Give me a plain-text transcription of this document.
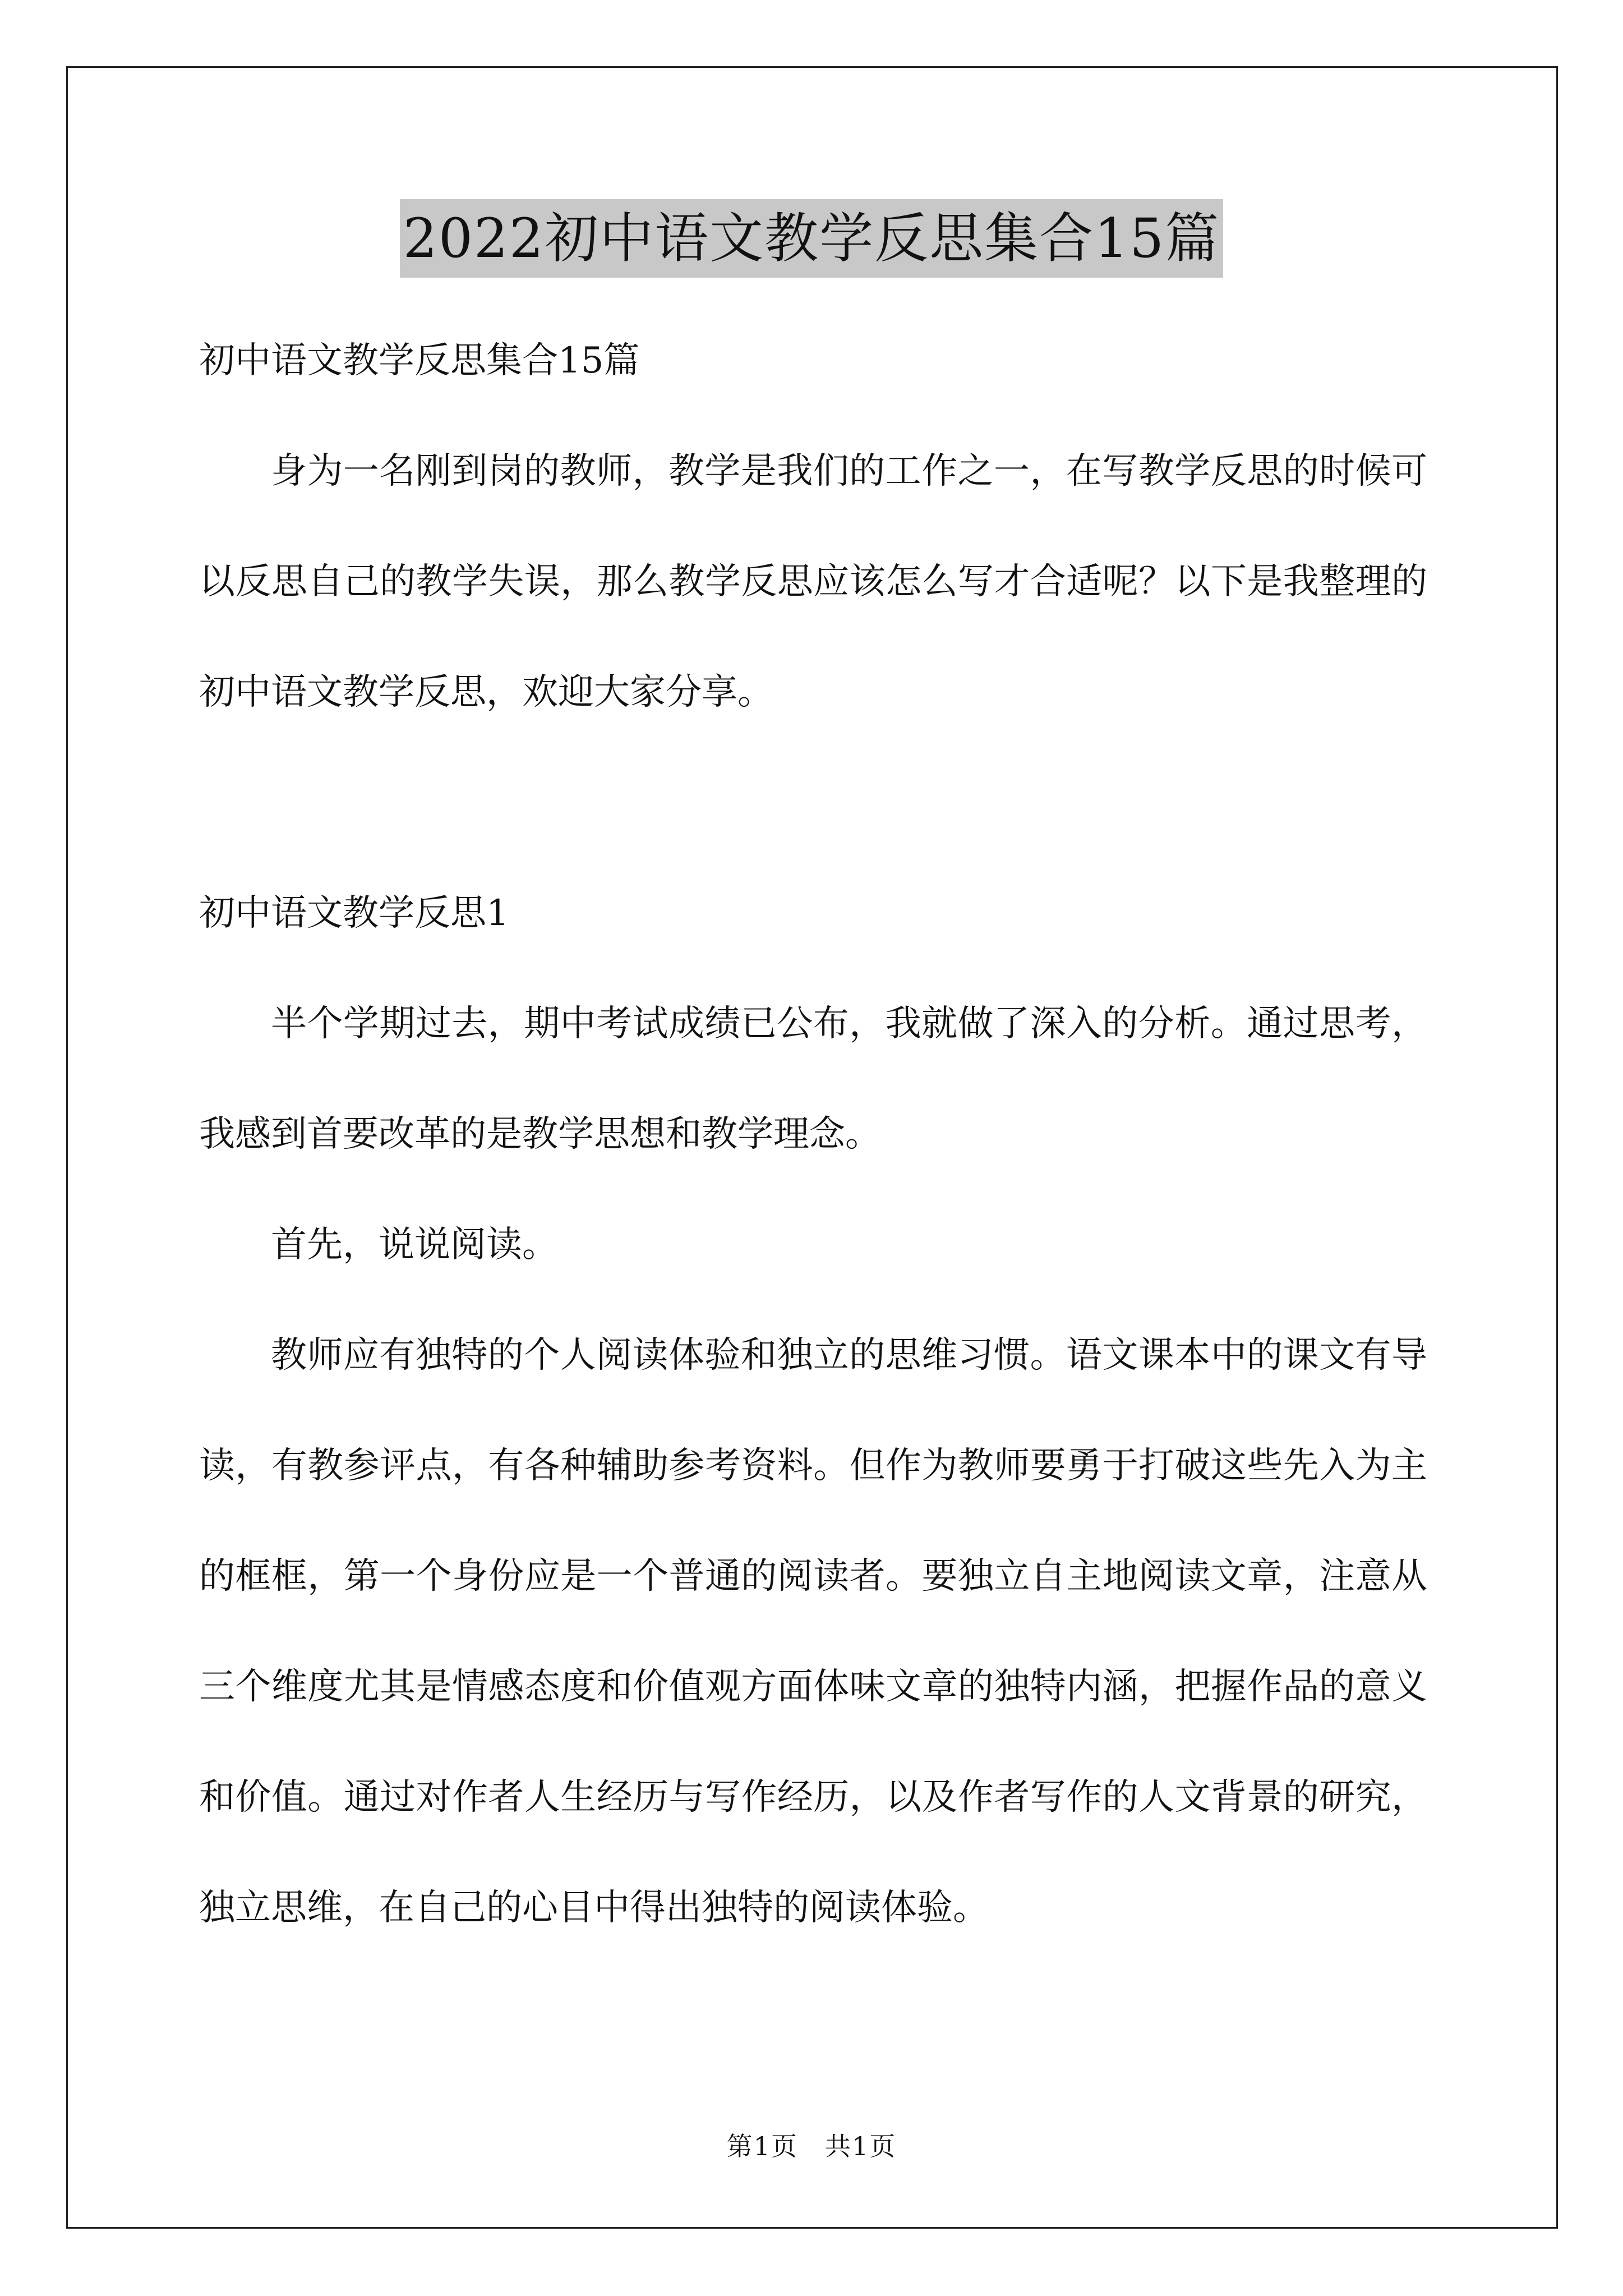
2022初中语文教学反思集合15篇

初中语文教学反思集合15篇

身为一名刚到岗的教师，教学是我们的工作之一，在写教学反思的时候可以反思自己的教学失误，那么教学反思应该怎么写才合适呢？以下是我整理的初中语文教学反思，欢迎大家分享。

初中语文教学反思1

半个学期过去，期中考试成绩已公布，我就做了深入的分析。通过思考，我感到首要改革的是教学思想和教学理念。

首先，说说阅读。

教师应有独特的个人阅读体验和独立的思维习惯。语文课本中的课文有导读，有教参评点，有各种辅助参考资料。但作为教师要勇于打破这些先入为主的框框，第一个身份应是一个普通的阅读者。要独立自主地阅读文章，注意从三个维度尤其是情感态度和价值观方面体味文章的独特内涵，把握作品的意义和价值。通过对作者人生经历与写作经历，以及作者写作的人文背景的研究，独立思维，在自己的心目中得出独特的阅读体验。

第1页　共1页
